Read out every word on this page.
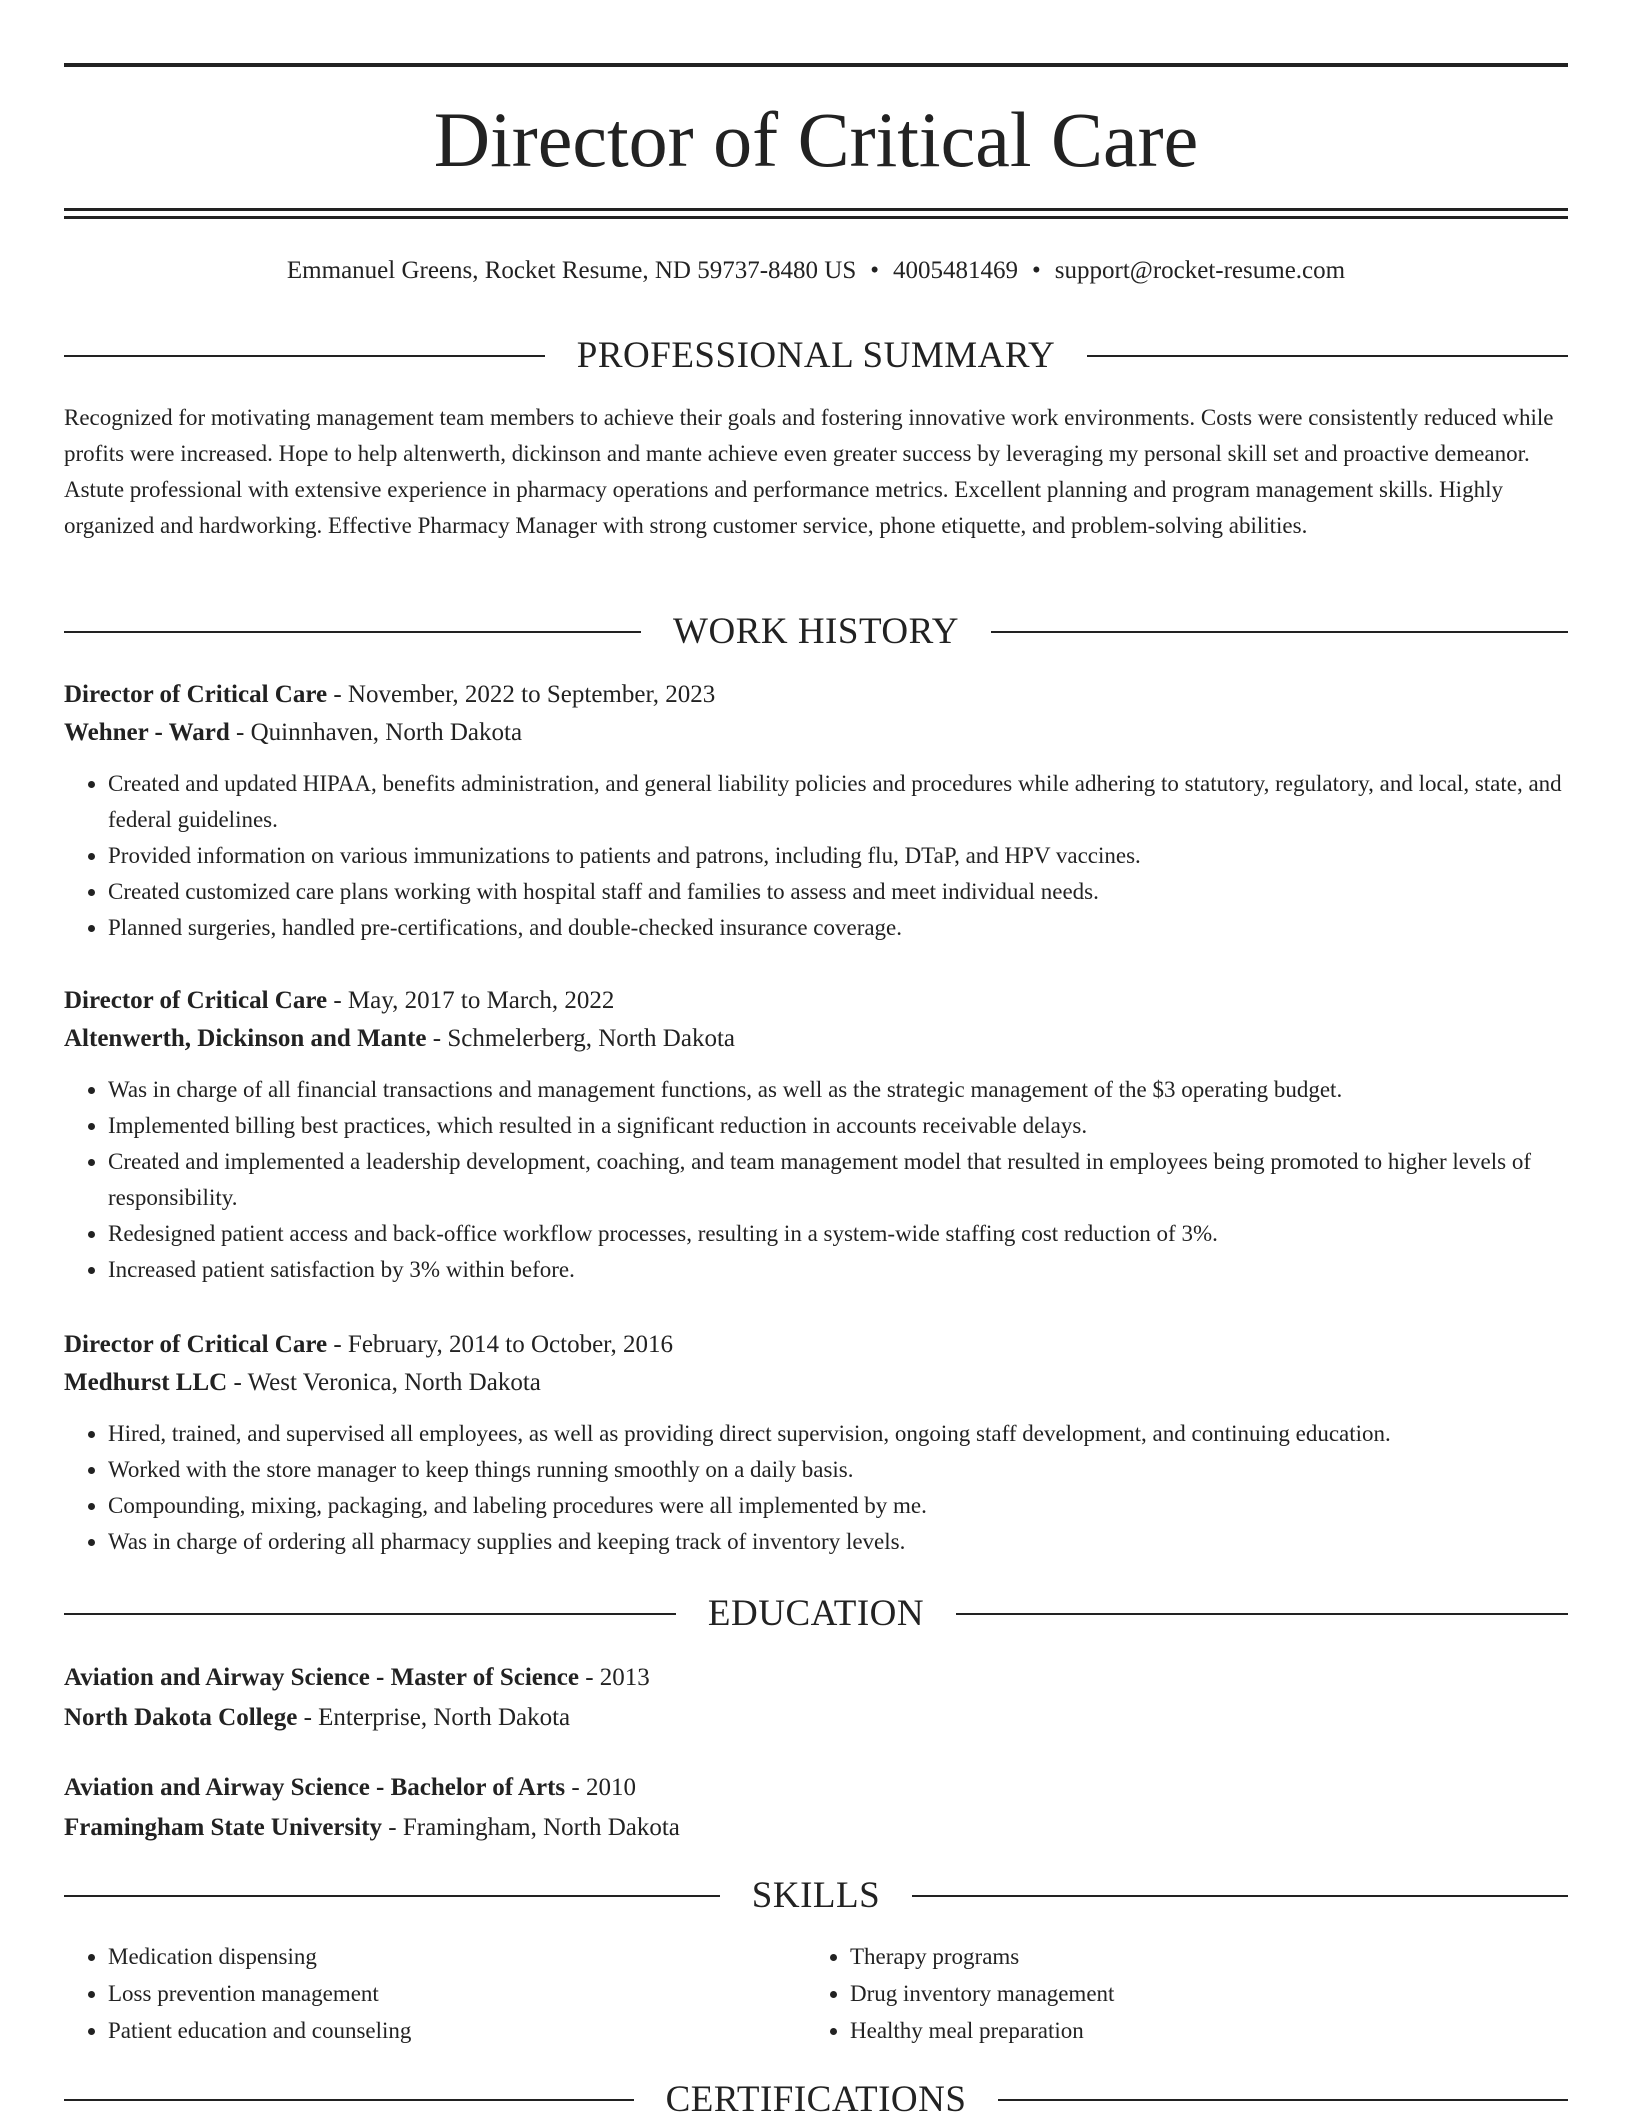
Director of Critical Care
Emmanuel Greens, Rocket Resume, ND 59737-8480 US • 4005481469 • support@rocket-resume.com
PROFESSIONAL SUMMARY
Recognized for motivating management team members to achieve their goals and fostering innovative work environments. Costs were consistently reduced while profits were increased. Hope to help altenwerth, dickinson and mante achieve even greater success by leveraging my personal skill set and proactive demeanor. Astute professional with extensive experience in pharmacy operations and performance metrics. Excellent planning and program management skills. Highly organized and hardworking. Effective Pharmacy Manager with strong customer service, phone etiquette, and problem-solving abilities.
WORK HISTORY
Director of Critical Care - November, 2022 to September, 2023
Wehner - Ward - Quinnhaven, North Dakota
• Created and updated HIPAA, benefits administration, and general liability policies and procedures while adhering to statutory, regulatory, and local, state, and federal guidelines.
• Provided information on various immunizations to patients and patrons, including flu, DTaP, and HPV vaccines.
• Created customized care plans working with hospital staff and families to assess and meet individual needs.
• Planned surgeries, handled pre-certifications, and double-checked insurance coverage.
Director of Critical Care - May, 2017 to March, 2022
Altenwerth, Dickinson and Mante - Schmelerberg, North Dakota
• Was in charge of all financial transactions and management functions, as well as the strategic management of the $3 operating budget.
• Implemented billing best practices, which resulted in a significant reduction in accounts receivable delays.
• Created and implemented a leadership development, coaching, and team management model that resulted in employees being promoted to higher levels of responsibility.
• Redesigned patient access and back-office workflow processes, resulting in a system-wide staffing cost reduction of 3%.
• Increased patient satisfaction by 3% within before.
Director of Critical Care - February, 2014 to October, 2016
Medhurst LLC - West Veronica, North Dakota
• Hired, trained, and supervised all employees, as well as providing direct supervision, ongoing staff development, and continuing education.
• Worked with the store manager to keep things running smoothly on a daily basis.
• Compounding, mixing, packaging, and labeling procedures were all implemented by me.
• Was in charge of ordering all pharmacy supplies and keeping track of inventory levels.
EDUCATION
Aviation and Airway Science - Master of Science - 2013
North Dakota College - Enterprise, North Dakota
Aviation and Airway Science - Bachelor of Arts - 2010
Framingham State University - Framingham, North Dakota
SKILLS
• Medication dispensing
• Loss prevention management
• Patient education and counseling
• Therapy programs
• Drug inventory management
• Healthy meal preparation
CERTIFICATIONS
